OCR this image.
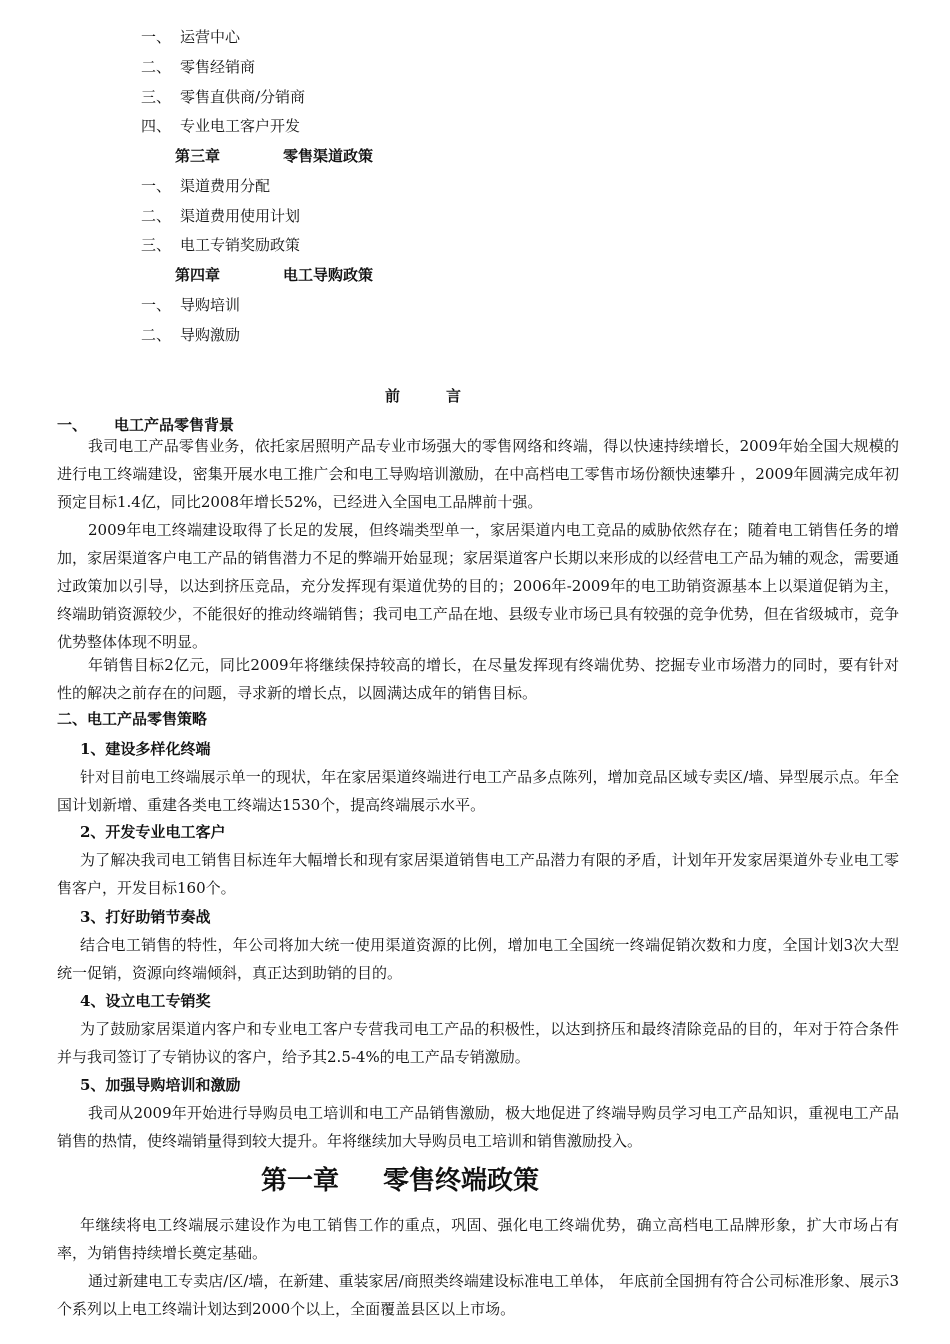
一、 运营中心
二、 零售经销商
三、 零售直供商/分销商
四、 专业电工客户开发
第三章	零售渠道政策
一、 渠道费用分配
二、 渠道费用使用计划
三、 电工专销奖励政策
第四章	电工导购政策
一、 导购培训
二、 导购激励
前言
一、 电工产品零售背景

我司电工产品零售业务，依托家居照明产品专业市场强大的零售网络和终端，得以快速持续增长，2009年始全国大规模的进行电工终端建设，密集开展水电工推广会和电工导购培训激励，在中高档电工零售市场份额快速攀升 ，2009年圆满完成年初预定目标1.4亿，同比2008年增长52%，已经进入全国电工品牌前十强。

2009年电工终端建设取得了长足的发展，但终端类型单一，家居渠道内电工竞品的威胁依然存在；随着电工销售任务的增加，家居渠道客户电工产品的销售潜力不足的弊端开始显现；家居渠道客户长期以来形成的以经营电工产品为辅的观念，需要通过政策加以引导，以达到挤压竞品，充分发挥现有渠道优势的目的；2006年-2009年的电工助销资源基本上以渠道促销为主，终端助销资源较少，不能很好的推动终端销售；我司电工产品在地、县级专业市场已具有较强的竞争优势，但在省级城市，竞争优势整体体现不明显。

年销售目标2亿元，同比2009年将继续保持较高的增长，在尽量发挥现有终端优势、挖掘专业市场潜力的同时，要有针对性的解决之前存在的问题，寻求新的增长点，以圆满达成年的销售目标。

二、电工产品零售策略
1、建设多样化终端

针对目前电工终端展示单一的现状，年在家居渠道终端进行电工产品多点陈列，增加竞品区域专卖区/墙、异型展示点。年全国计划新增、重建各类电工终端达1530个，提高终端展示水平。

2、开发专业电工客户

为了解决我司电工销售目标连年大幅增长和现有家居渠道销售电工产品潜力有限的矛盾，计划年开发家居渠道外专业电工零售客户，开发目标160个。

3、打好助销节奏战

结合电工销售的特性，年公司将加大统一使用渠道资源的比例，增加电工全国统一终端促销次数和力度，全国计划3次大型统一促销，资源向终端倾斜，真正达到助销的目的。

4、设立电工专销奖

为了鼓励家居渠道内客户和专业电工客户专营我司电工产品的积极性，以达到挤压和最终清除竞品的目的，年对于符合条件并与我司签订了专销协议的客户，给予其2.5-4%的电工产品专销激励。

5、加强导购培训和激励

我司从2009年开始进行导购员电工培训和电工产品销售激励，极大地促进了终端导购员学习电工产品知识，重视电工产品销售的热情，使终端销量得到较大提升。年将继续加大导购员电工培训和销售激励投入。

第一章 零售终端政策

年继续将电工终端展示建设作为电工销售工作的重点，巩固、强化电工终端优势，确立高档电工品牌形象，扩大市场占有率，为销售持续增长奠定基础。

通过新建电工专卖店/区/墙，在新建、重装家居/商照类终端建设标准电工单体， 年底前全国拥有符合公司标准形象、展示3个系列以上电工终端计划达到2000个以上，全面覆盖县区以上市场。
